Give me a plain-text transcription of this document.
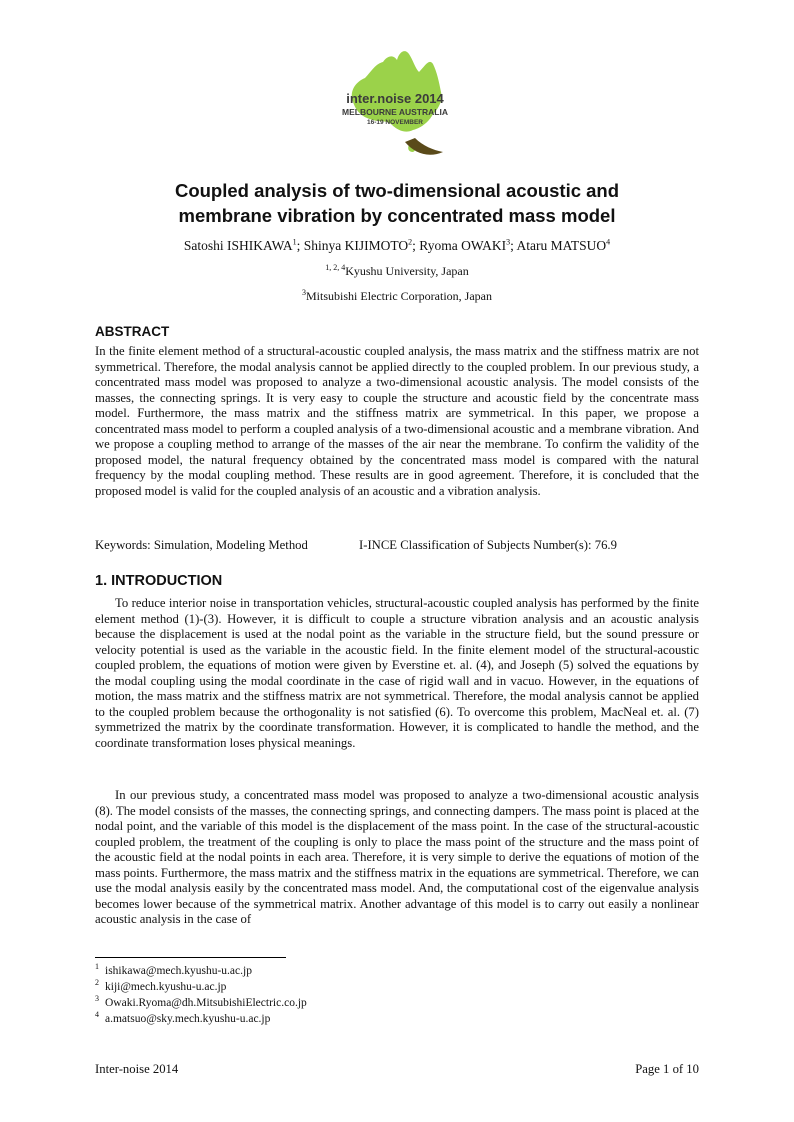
inter.noise 2014
MELBOURNE AUSTRALIA
16-19 NOVEMBER
Coupled analysis of two-dimensional acoustic and
membrane vibration by concentrated mass model
Satoshi ISHIKAWA$^1$; Shinya KIJIMOTO$^2$; Ryoma OWAKI$^3$; Ataru MATSUO$^4$
$^{1, 2, 4}$Kyushu University, Japan
$^3$Mitsubishi Electric Corporation, Japan
ABSTRACT
In the finite element method of a structural-acoustic coupled analysis, the mass matrix and the stiffness matrix are not symmetrical. Therefore, the modal analysis cannot be applied directly to the coupled problem. In our previous study, a concentrated mass model was proposed to analyze a two-dimensional acoustic analysis. The model consists of the masses, the connecting springs. It is very easy to couple the structure and acoustic field by the concentrate mass model. Furthermore, the mass matrix and the stiffness matrix are symmetrical. In this paper, we propose a concentrated mass model to perform a coupled analysis of a two-dimensional acoustic and a membrane vibration. And we propose a coupling method to arrange of the masses of the air near the membrane. To confirm the validity of the proposed model, the natural frequency obtained by the concentrated mass model is compared with the natural frequency by the modal coupling method. These results are in good agreement. Therefore, it is concluded that the proposed model is valid for the coupled analysis of an acoustic and a vibration analysis.
Keywords: Simulation, Modeling Method	I-INCE Classification of Subjects Number(s): 76.9
1. INTRODUCTION
To reduce interior noise in transportation vehicles, structural-acoustic coupled analysis has performed by the finite element method (1)-(3). However, it is difficult to couple a structure vibration analysis and an acoustic analysis because the displacement is used at the nodal point as the variable in the structure field, but the sound pressure or velocity potential is used as the variable in the acoustic field. In the finite element model of the structural-acoustic coupled problem, the equations of motion were given by Everstine et. al. (4), and Joseph (5) solved the equations by the modal coupling using the modal coordinate in the case of rigid wall and in vacuo. However, in the equations of motion, the mass matrix and the stiffness matrix are not symmetrical. Therefore, the modal analysis cannot be applied to the coupled problem because the orthogonality is not satisfied (6). To overcome this problem, MacNeal et. al. (7) symmetrized the matrix by the coordinate transformation. However, it is complicated to handle the method, and the coordinate transformation loses physical meanings.
In our previous study, a concentrated mass model was proposed to analyze a two-dimensional acoustic analysis (8). The model consists of the masses, the connecting springs, and connecting dampers. The mass point is placed at the nodal point, and the variable of this model is the displacement of the mass point. In the case of the structural-acoustic coupled problem, the treatment of the coupling is only to place the mass point of the structure and the mass point of the acoustic field at the nodal points in each area. Therefore, it is very simple to derive the equations of motion of the mass points. Furthermore, the mass matrix and the stiffness matrix in the equations are symmetrical. Therefore, we can use the modal analysis easily by the concentrated mass model. And, the computational cost of the eigenvalue analysis becomes lower because of the symmetrical matrix. Another advantage of this model is to carry out easily a nonlinear acoustic analysis in the case of
1 ishikawa@mech.kyushu-u.ac.jp
2 kiji@mech.kyushu-u.ac.jp
3 Owaki.Ryoma@dh.MitsubishiElectric.co.jp
4 a.matsuo@sky.mech.kyushu-u.ac.jp
Inter-noise 2014	Page 1 of 10
